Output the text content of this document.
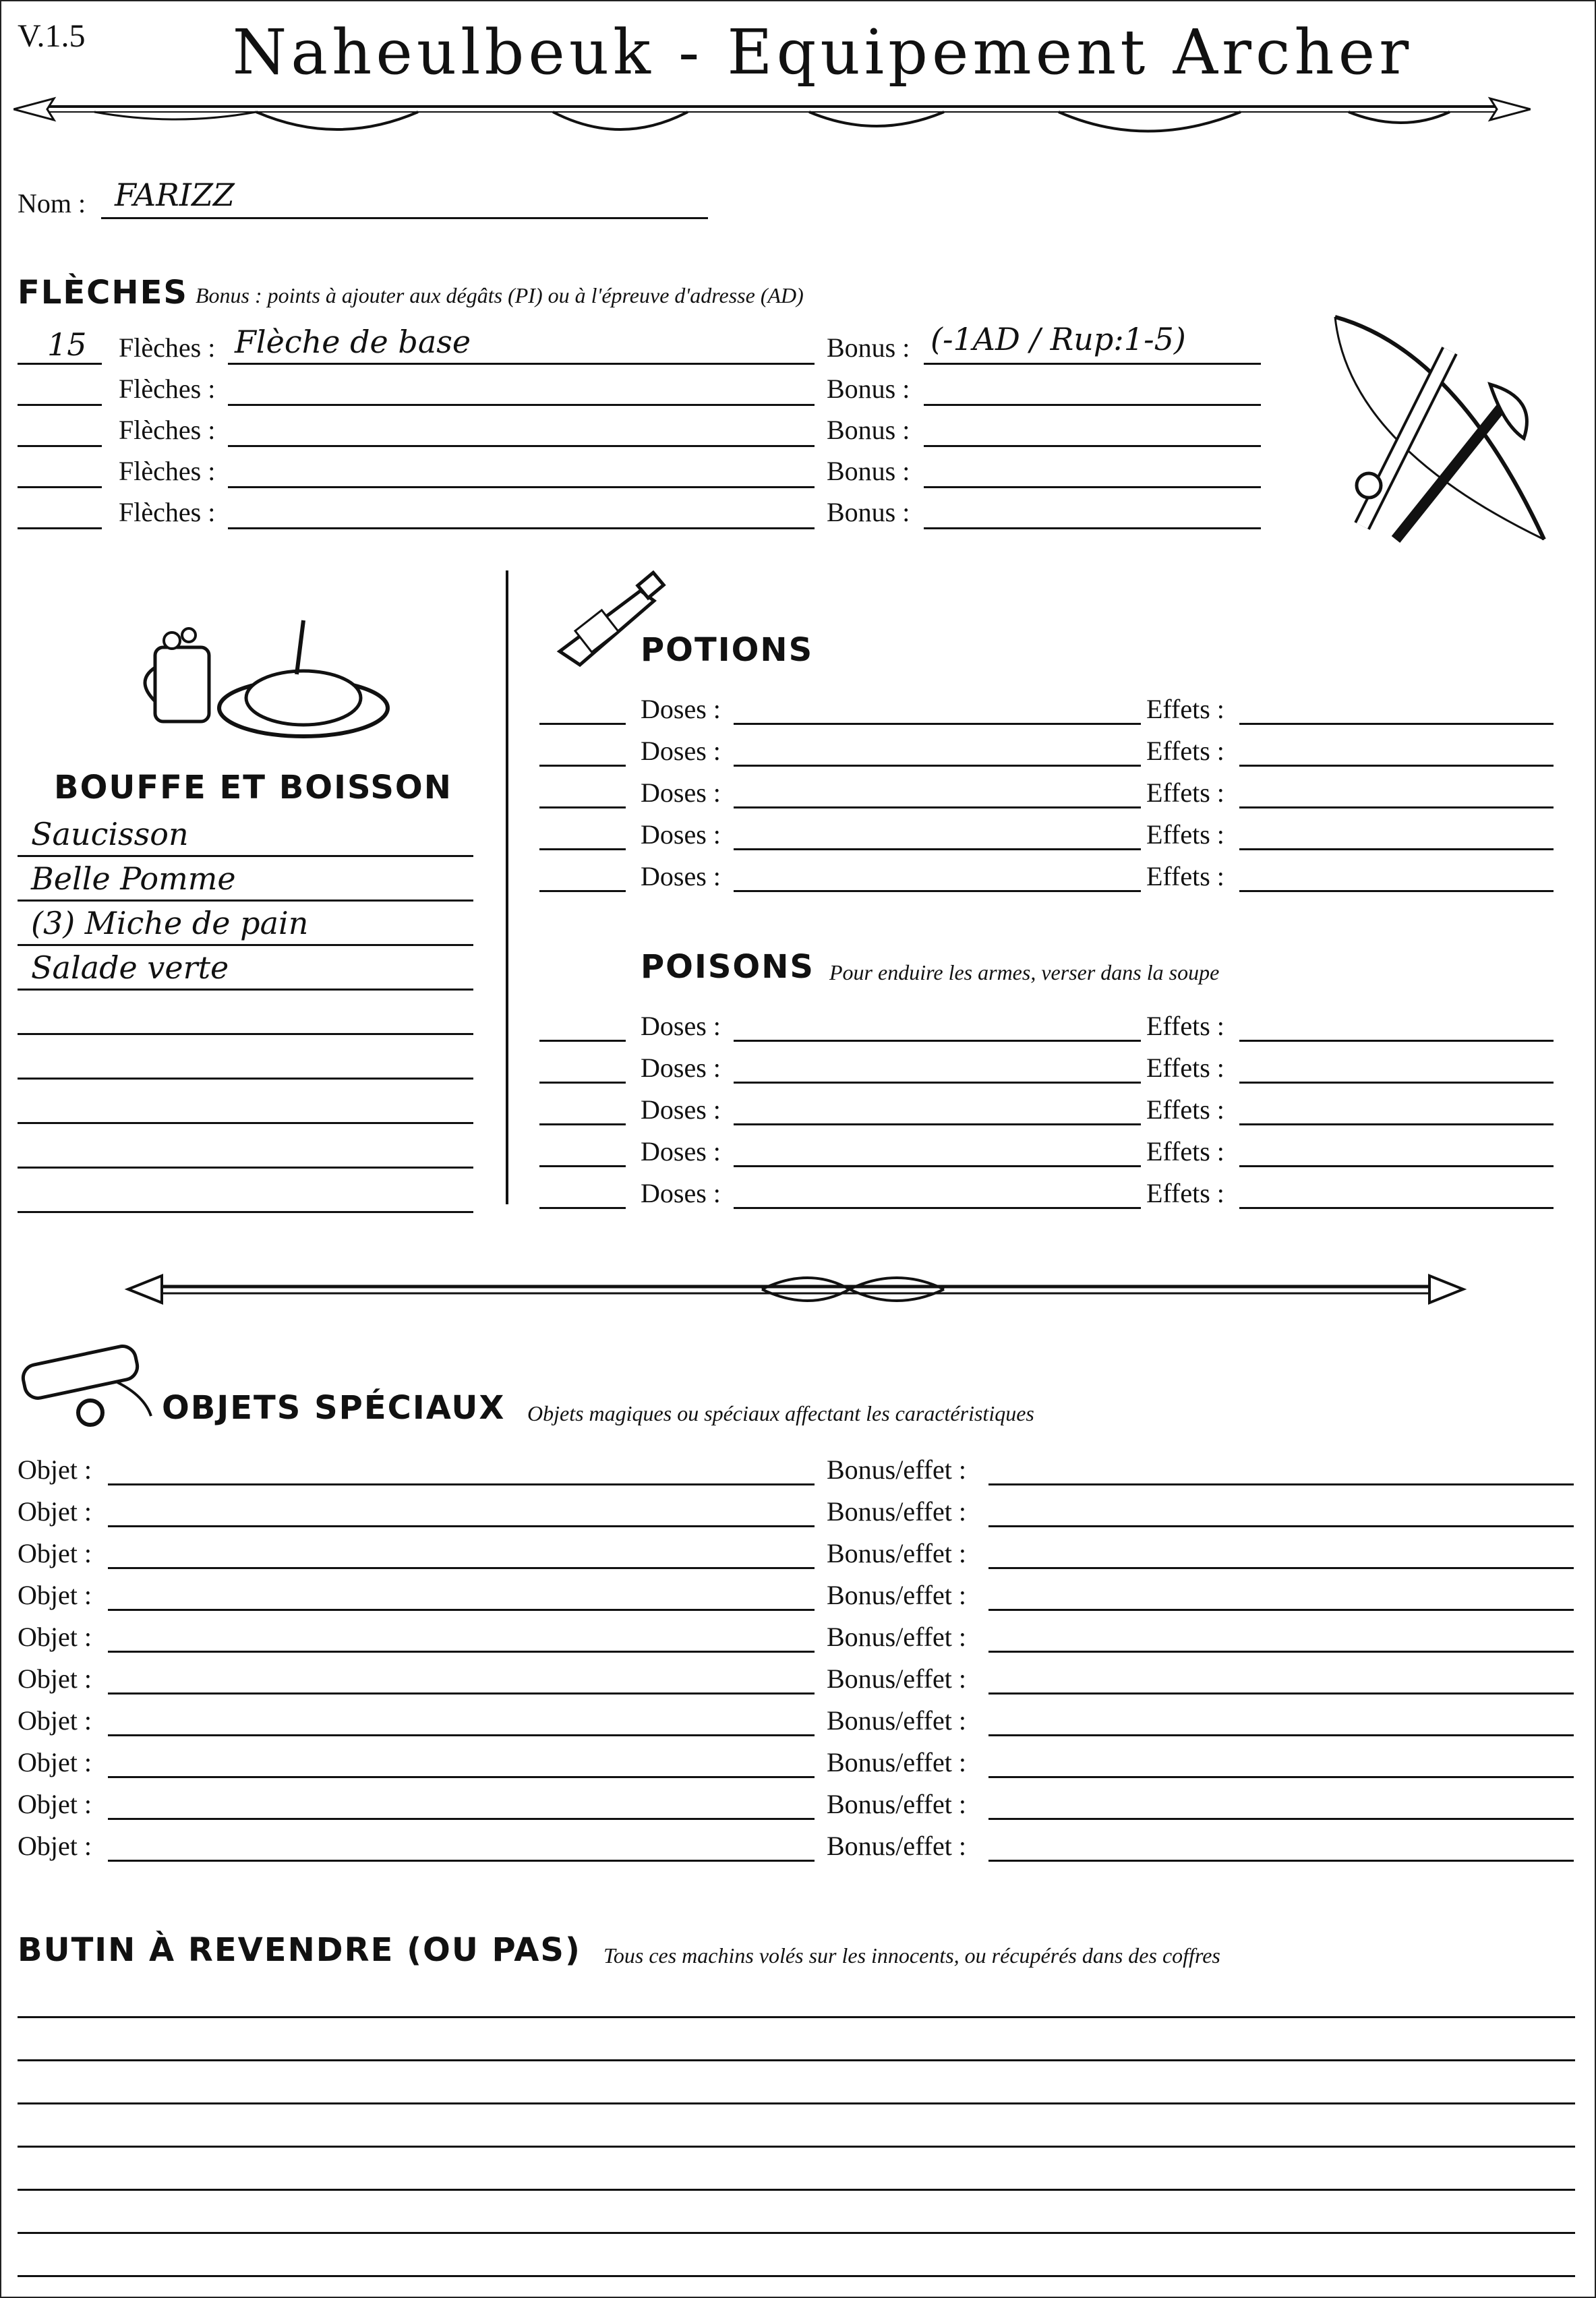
V.1.5	Naheulbeuk - Equipement Archer
Nom : FARIZZ
FLÈCHES Bonus : points à ajouter aux dégâts (PI) ou à l'épreuve d'adresse (AD)
BOUFFE ET BOISSON
POTIONS
POISONS Pour enduire les armes, verser dans la soupe
OBJETS SPÉCIAUX Objets magiques ou spéciaux affectant les caractéristiques
BUTIN À REVENDRE (OU PAS) Tous ces machins volés sur les innocents, ou récupérés dans des coffres
15 Flèches : Flèche de base	Bonus : (-1AD / Rup:1-5)
Flèches :	Bonus :
Flèches :	Bonus :
Flèches :	Bonus :
Flèches :	Bonus :
Saucisson
Belle Pomme
(3) Miche de pain
Salade verte
Doses :	Effets :
Doses :	Effets :
Doses :	Effets :
Doses :	Effets :
Doses :	Effets :
Doses :	Effets :
Doses :	Effets :
Doses :	Effets :
Doses :	Effets :
Doses :	Effets :
Objet :	Bonus/effet :
Objet :	Bonus/effet :
Objet :	Bonus/effet :
Objet :	Bonus/effet :
Objet :	Bonus/effet :
Objet :	Bonus/effet :
Objet :	Bonus/effet :
Objet :	Bonus/effet :
Objet :	Bonus/effet :
Objet :	Bonus/effet :
